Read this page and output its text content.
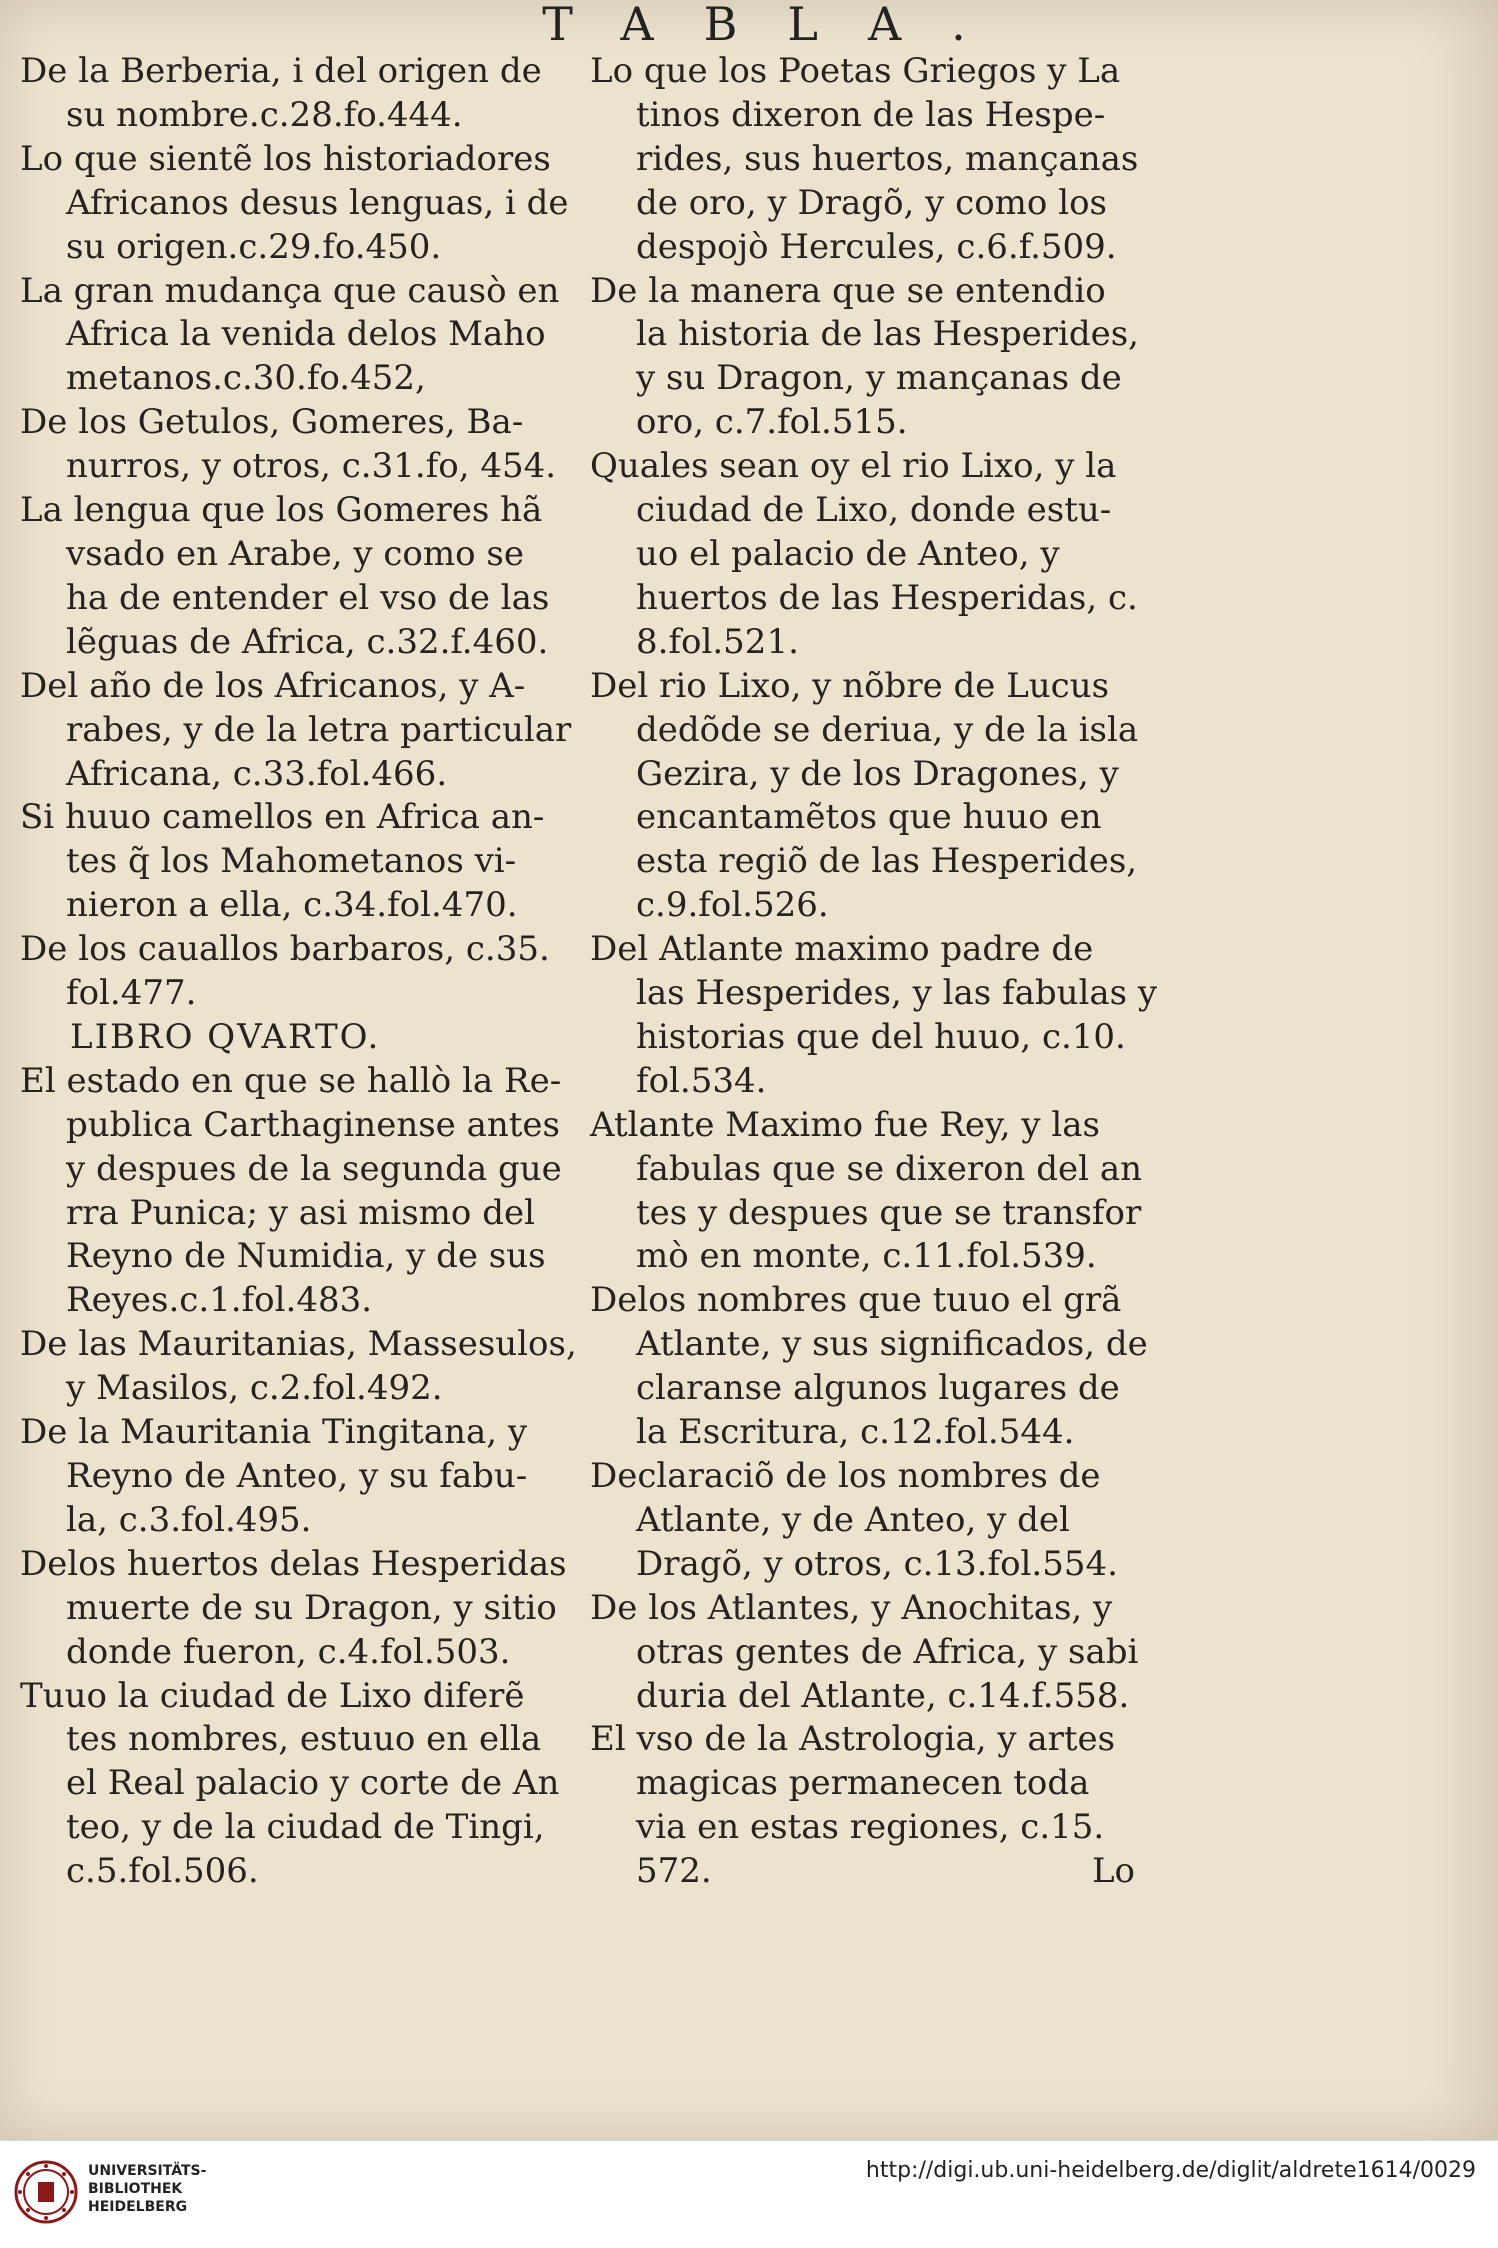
TABLA.
De la Berberia, i del origen de
su nombre.c.28.fo.444.
Lo que sientẽ los historiadores
Africanos desus lenguas, i de
su origen.c.29.fo.450.
La gran mudança que causò en
Africa la venida delos Maho
metanos.c.30.fo.452,
De los Getulos, Gomeres, Ba-
nurros, y otros, c.31.fo, 454.
La lengua que los Gomeres hã
vsado en Arabe, y como se
ha de entender el vso de las
lẽguas de Africa, c.32.f.460.
Del año de los Africanos, y A-
rabes, y de la letra particular
Africana, c.33.fol.466.
Si huuo camellos en Africa an-
tes q̃ los Mahometanos vi-
nieron a ella, c.34.fol.470.
De los cauallos barbaros, c.35.
fol.477.
LIBRO QVARTO.
El estado en que se hallò la Re-
publica Carthaginense antes
y despues de la segunda gue
rra Punica; y asi mismo del
Reyno de Numidia, y de sus
Reyes.c.1.fol.483.
De las Mauritanias, Massesulos,
y Masilos, c.2.fol.492.
De la Mauritania Tingitana, y
Reyno de Anteo, y su fabu-
la, c.3.fol.495.
Delos huertos delas Hesperidas
muerte de su Dragon, y sitio
donde fueron, c.4.fol.503.
Tuuo la ciudad de Lixo diferẽ
tes nombres, estuuo en ella
el Real palacio y corte de An
teo, y de la ciudad de Tingi,
c.5.fol.506.
Lo que los Poetas Griegos y La
tinos dixeron de las Hespe-
rides, sus huertos, mançanas
de oro, y Dragõ, y como los
despojò Hercules, c.6.f.509.
De la manera que se entendio
la historia de las Hesperides,
y su Dragon, y mançanas de
oro, c.7.fol.515.
Quales sean oy el rio Lixo, y la
ciudad de Lixo, donde estu-
uo el palacio de Anteo, y
huertos de las Hesperidas, c.
8.fol.521.
Del rio Lixo, y nõbre de Lucus
dedõde se deriua, y de la isla
Gezira, y de los Dragones, y
encantamẽtos que huuo en
esta regiõ de las Hesperides,
c.9.fol.526.
Del Atlante maximo padre de
las Hesperides, y las fabulas y
historias que del huuo, c.10.
fol.534.
Atlante Maximo fue Rey, y las
fabulas que se dixeron del an
tes y despues que se transfor
mò en monte, c.11.fol.539.
Delos nombres que tuuo el grã
Atlante, y sus significados, de
claranse algunos lugares de
la Escritura, c.12.fol.544.
Declaraciõ de los nombres de
Atlante, y de Anteo, y del
Dragõ, y otros, c.13.fol.554.
De los Atlantes, y Anochitas, y
otras gentes de Africa, y sabi
duria del Atlante, c.14.f.558.
El vso de la Astrologia, y artes
magicas permanecen toda
via en estas regiones, c.15.
572.	Lo
UNIVERSITÄTS-
BIBLIOTHEK
HEIDELBERG
http://digi.ub.uni-heidelberg.de/diglit/aldrete1614/0029
